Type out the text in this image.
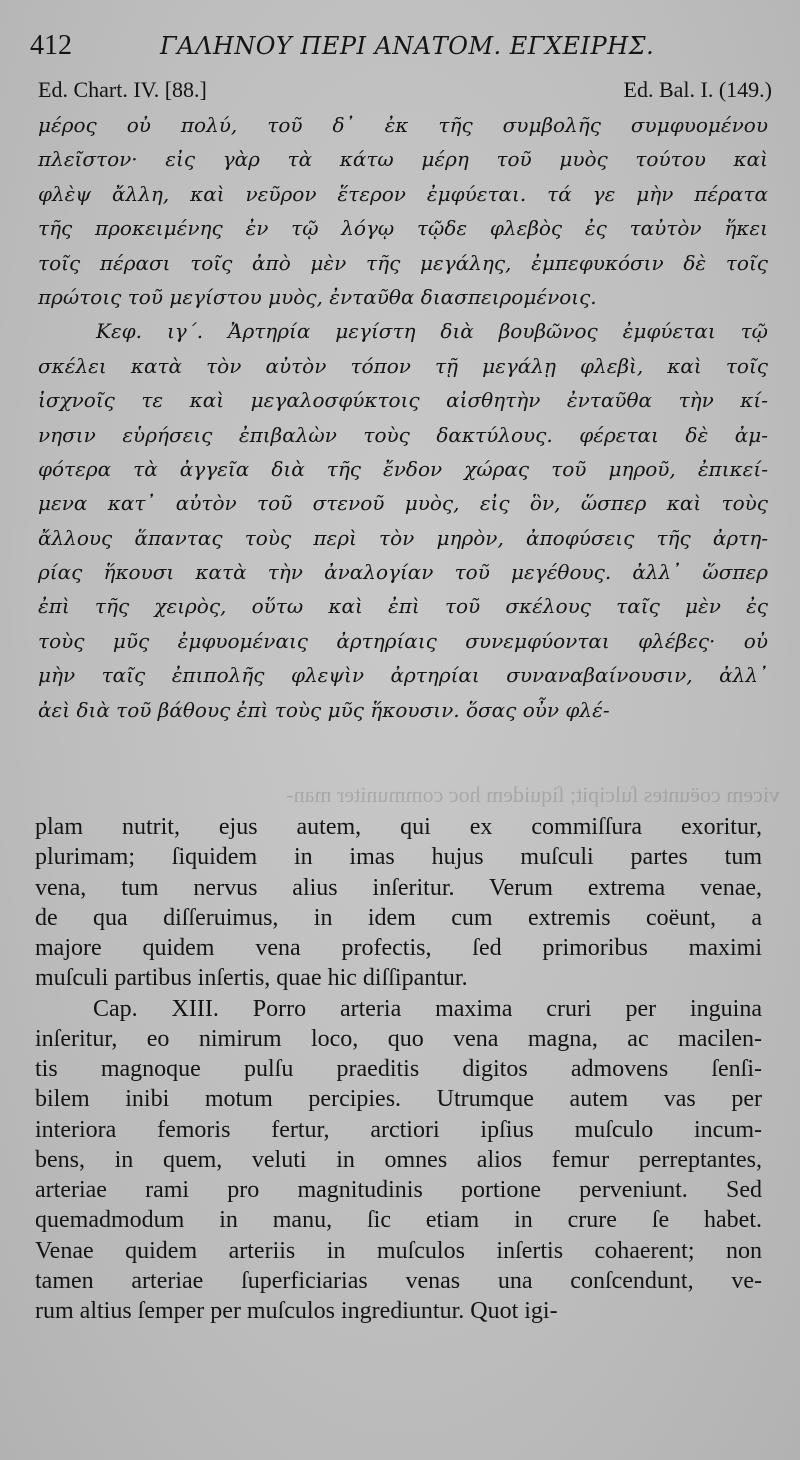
412	ΓΑΛΗΝΟΥ ΠΕΡΙ ΑΝΑΤΟΜ. ΕΓΧΕΙΡΗΣ.
Ed. Chart. IV. [88.]	Ed. Bal. I. (149.)
μέρος οὐ πολύ, τοῦ δ᾽ ἐκ τῆς συμβολῆς συμφυομένου
πλεῖστον· εἰς γὰρ τὰ κάτω μέρη τοῦ μυὸς τούτου καὶ
φλὲψ ἄλλη, καὶ νεῦρον ἕτερον ἐμφύεται. τά γε μὴν πέρατα
τῆς προκειμένης ἐν τῷ λόγῳ τῷδε φλεβὸς ἐς ταὐτὸν ἥκει
τοῖς πέρασι τοῖς ἀπὸ μὲν τῆς μεγάλης, ἐμπεφυκόσιν δὲ τοῖς
πρώτοις τοῦ μεγίστου μυὸς, ἐνταῦθα διασπειρομένοις.
Κεφ. ιγ΄. Ἀρτηρία μεγίστη διὰ βουβῶνος ἐμφύεται τῷ
σκέλει κατὰ τὸν αὐτὸν τόπον τῇ μεγάλῃ φλεβὶ, καὶ τοῖς
ἰσχνοῖς τε καὶ μεγαλοσφύκτοις αἰσθητὴν ἐνταῦθα τὴν κί-
νησιν εὑρήσεις ἐπιβαλὼν τοὺς δακτύλους. φέρεται δὲ ἀμ-
φότερα τὰ ἀγγεῖα διὰ τῆς ἔνδον χώρας τοῦ μηροῦ, ἐπικεί-
μενα κατ᾽ αὐτὸν τοῦ στενοῦ μυὸς, εἰς ὃν, ὥσπερ καὶ τοὺς
ἄλλους ἅπαντας τοὺς περὶ τὸν μηρὸν, ἀποφύσεις τῆς ἀρτη-
ρίας ἥκουσι κατὰ τὴν ἀναλογίαν τοῦ μεγέθους. ἀλλ᾽ ὥσπερ
ἐπὶ τῆς χειρὸς, οὕτω καὶ ἐπὶ τοῦ σκέλους ταῖς μὲν ἐς
τοὺς μῦς ἐμφυομέναις ἀρτηρίαις συνεμφύονται φλέβες· οὐ
μὴν ταῖς ἐπιπολῆς φλεψὶν ἀρτηρίαι συναναβαίνουσιν, ἀλλ᾽
ἀεὶ διὰ τοῦ βάθους ἐπὶ τοὺς μῦς ἥκουσιν. ὅσας οὖν φλέ-
vicem coëuntes ſulcipit; ſiquidem hoc communiter man-
plam nutrit, ejus autem, qui ex commiſſura exoritur,
plurimam; ſiquidem in imas hujus muſculi partes tum
vena, tum nervus alius inſeritur. Verum extrema venae,
de qua diſſeruimus, in idem cum extremis coëunt, a
majore quidem vena profectis, ſed primoribus maximi
muſculi partibus inſertis, quae hic diſſipantur.
Cap. XIII. Porro arteria maxima cruri per inguina
inſeritur, eo nimirum loco, quo vena magna, ac macilen-
tis magnoque pulſu praeditis digitos admovens ſenſi-
bilem inibi motum percipies. Utrumque autem vas per
interiora femoris fertur, arctiori ipſius muſculo incum-
bens, in quem, veluti in omnes alios femur perreptantes,
arteriae rami pro magnitudinis portione perveniunt. Sed
quemadmodum in manu, ſic etiam in crure ſe habet.
Venae quidem arteriis in muſculos inſertis cohaerent; non
tamen arteriae ſuperficiarias venas una conſcendunt, ve-
rum altius ſemper per muſculos ingrediuntur. Quot igi-
